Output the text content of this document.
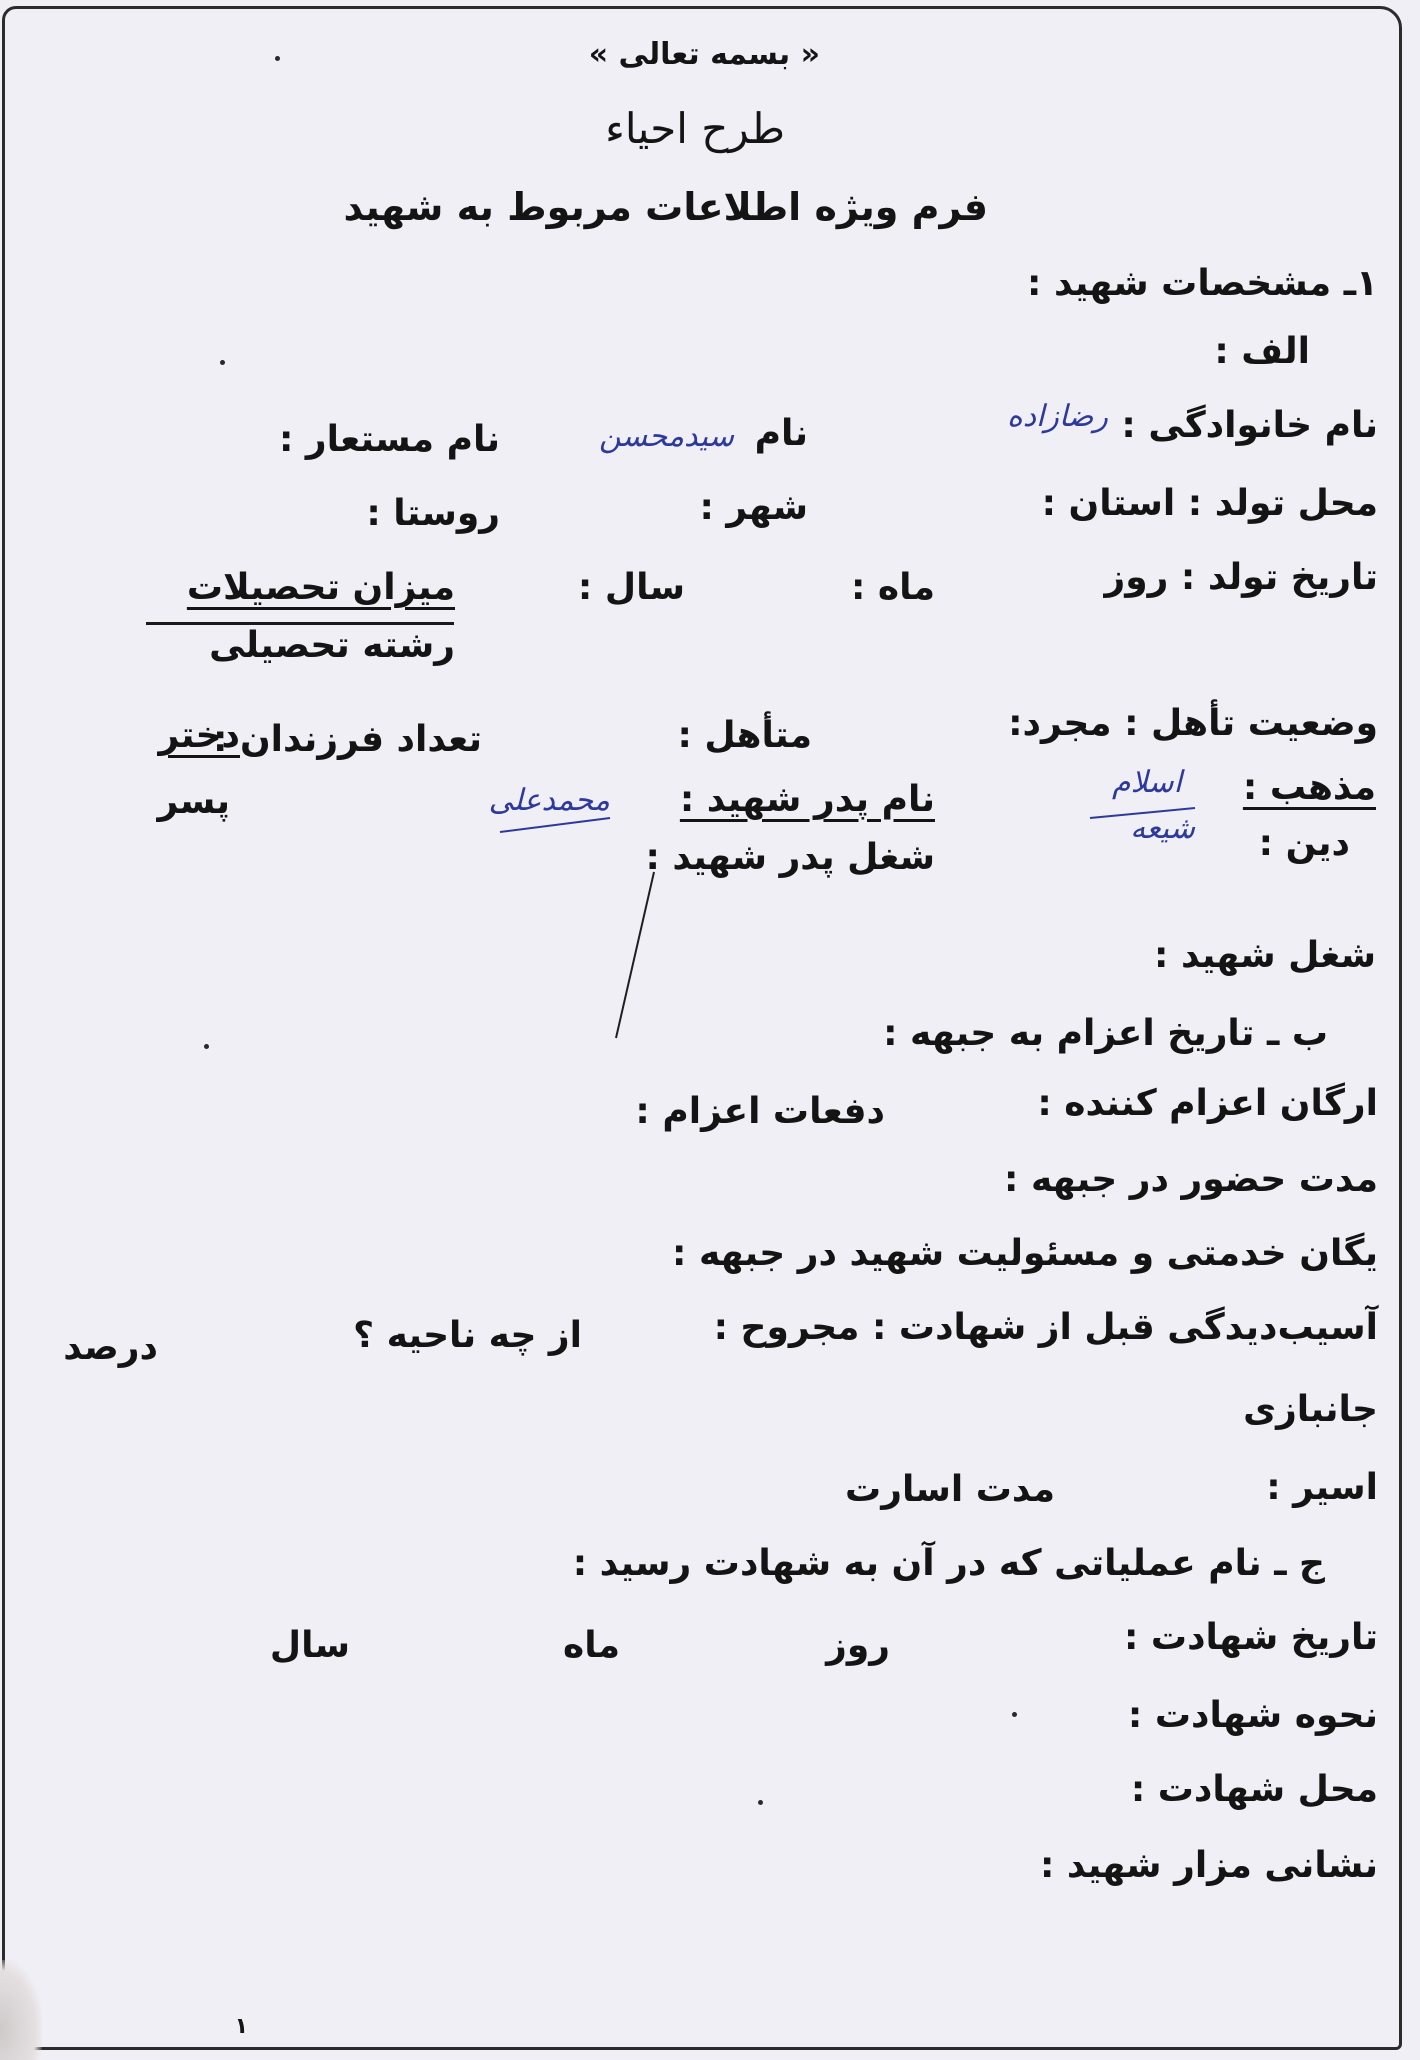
« بسمه تعالی »
طرح احیاء
فرم ویژه اطلاعات مربوط به شهید
۱ـ مشخصات شهید :
الف :
نام خانوادگی :
رضازاده
نام
سیدمحسن
نام مستعار :
محل تولد : استان :
شهر :
روستا :
تاریخ تولد : روز
ماه :
سال :
میزان تحصیلات
رشته تحصیلی
وضعیت تأهل : مجرد:
متأهل :
تعداد فرزندان :
دختر
پسر	مذهب :
اسلام
شیعه دین :
نام پدر شهید :
محمدعلی
شغل پدر شهید :
شغل شهید :
ب ـ تاریخ اعزام به جبهه :
ارگان اعزام کننده :
دفعات اعزام :
مدت حضور در جبهه :
یگان خدمتی و مسئولیت شهید در جبهه :
آسیب‌دیدگی قبل از شهادت : مجروح :
از چه ناحیه ؟
درصد
جانبازی
اسیر :
مدت اسارت
ج ـ نام عملیاتی که در آن به شهادت رسید :
تاریخ شهادت :
روز
ماه
سال
نحوه شهادت :
محل شهادت :
نشانی مزار شهید :
۱
